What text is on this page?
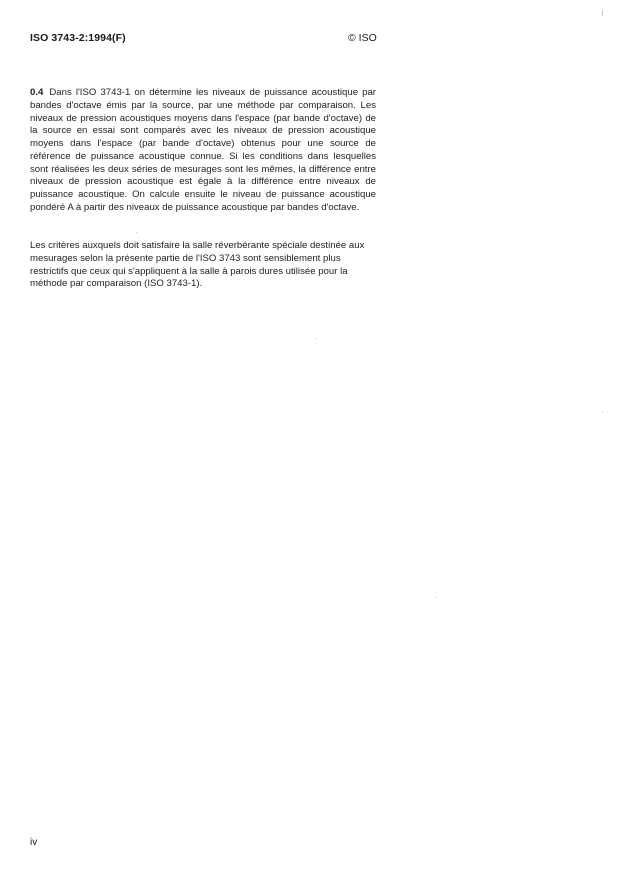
ISO 3743-2:1994(F)	© ISO
0.4 Dans l'ISO 3743-1 on détermine les niveaux de puissance acoustique par bandes d'octave émis par la source, par une méthode par comparaison. Les niveaux de pression acoustiques moyens dans l'espace (par bande d'octave) de la source en essai sont comparés avec les niveaux de pression acoustique moyens dans l'espace (par bande d'octave) obtenus pour une source de référence de puissance acoustique connue. Si les conditions dans lesquelles sont réalisées les deux séries de mesurages sont les mêmes, la différence entre niveaux de pression acoustique est égale à la différence entre niveaux de puissance acoustique. On calcule ensuite le niveau de puissance acoustique pondéré A à partir des niveaux de puissance acoustique par bandes d'octave.
Les critères auxquels doit satisfaire la salle réverbérante spéciale destinée aux mesurages selon la présente partie de l'ISO 3743 sont sensiblement plus restrictifs que ceux qui s'appliquent à la salle à parois dures utilisée pour la méthode par comparaison (ISO 3743-1).
iv
